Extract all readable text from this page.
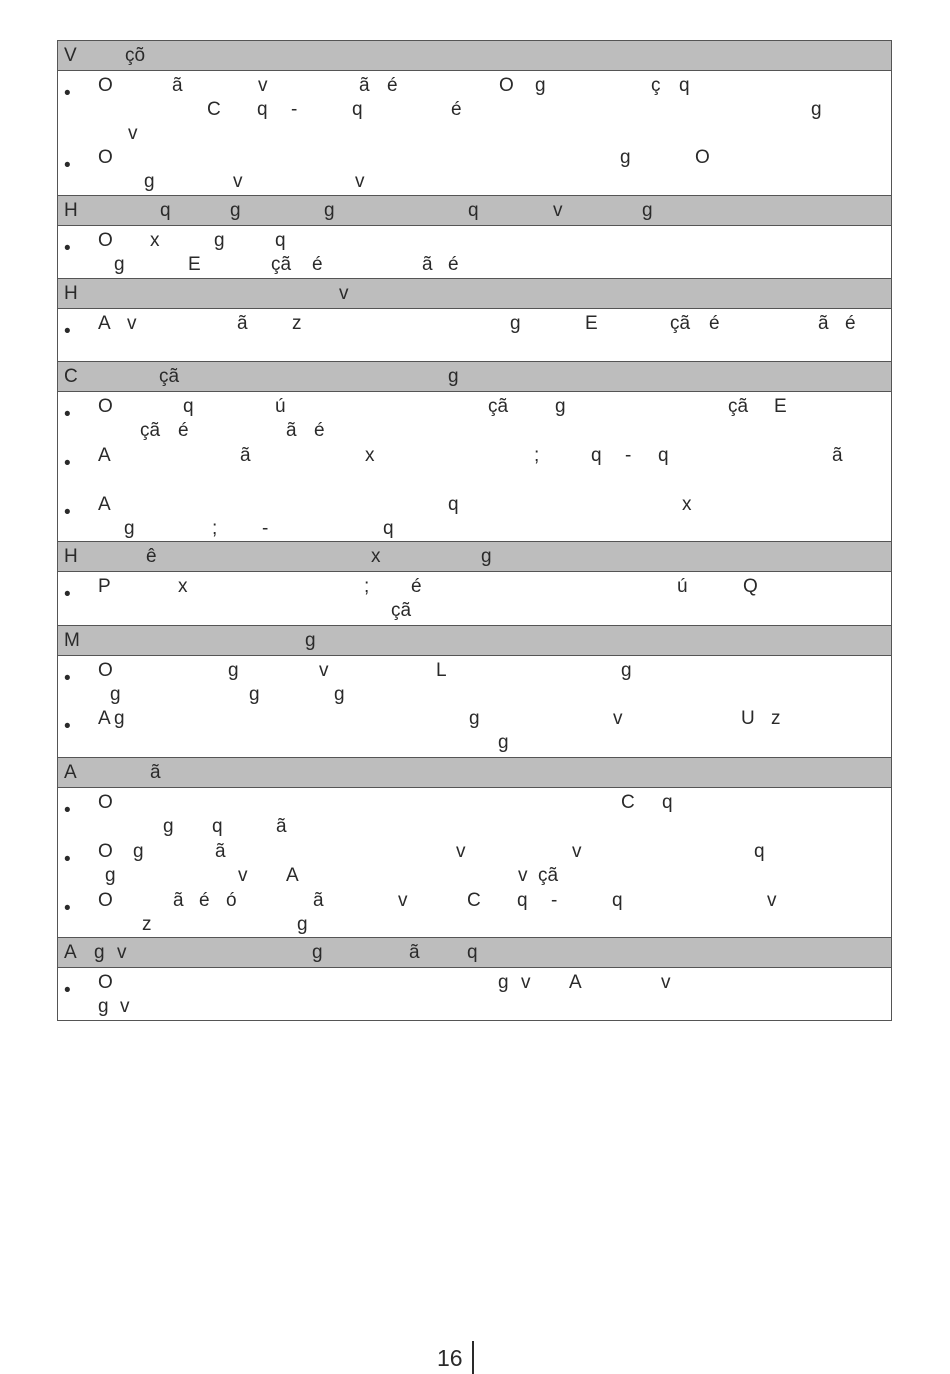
V	çõ
•
•
O	ã	v	ã é	O g	ç q
C q -	q	é	g
v
O	g	O
g	v	v
H	q	g	g	q	v	g
• O x	g	q
g	E	çã é	ã é
H	v
• A v	ã z	g	E	çã é	ã é
C	çã	g
•
•
•
O	q	ú	çã g	çã E
çã é	ã é
A	ã	x	;	q - q	ã
A	q	x
g	; -	q
H	ê	x	g
• P	x	; é	ú	Q
çã
M	g
•
•
O	g	v	L	g
g	g	g
A g	g	v	U z
g
A	ã
•
•
•
O	C q
g q	ã
O g	ã	v	v	q
g	v A	v çã
O	ã é ó	ã	v	C q -	q	v
z	g
A g v	g	ã q
• O	g v A	v
g v
16
